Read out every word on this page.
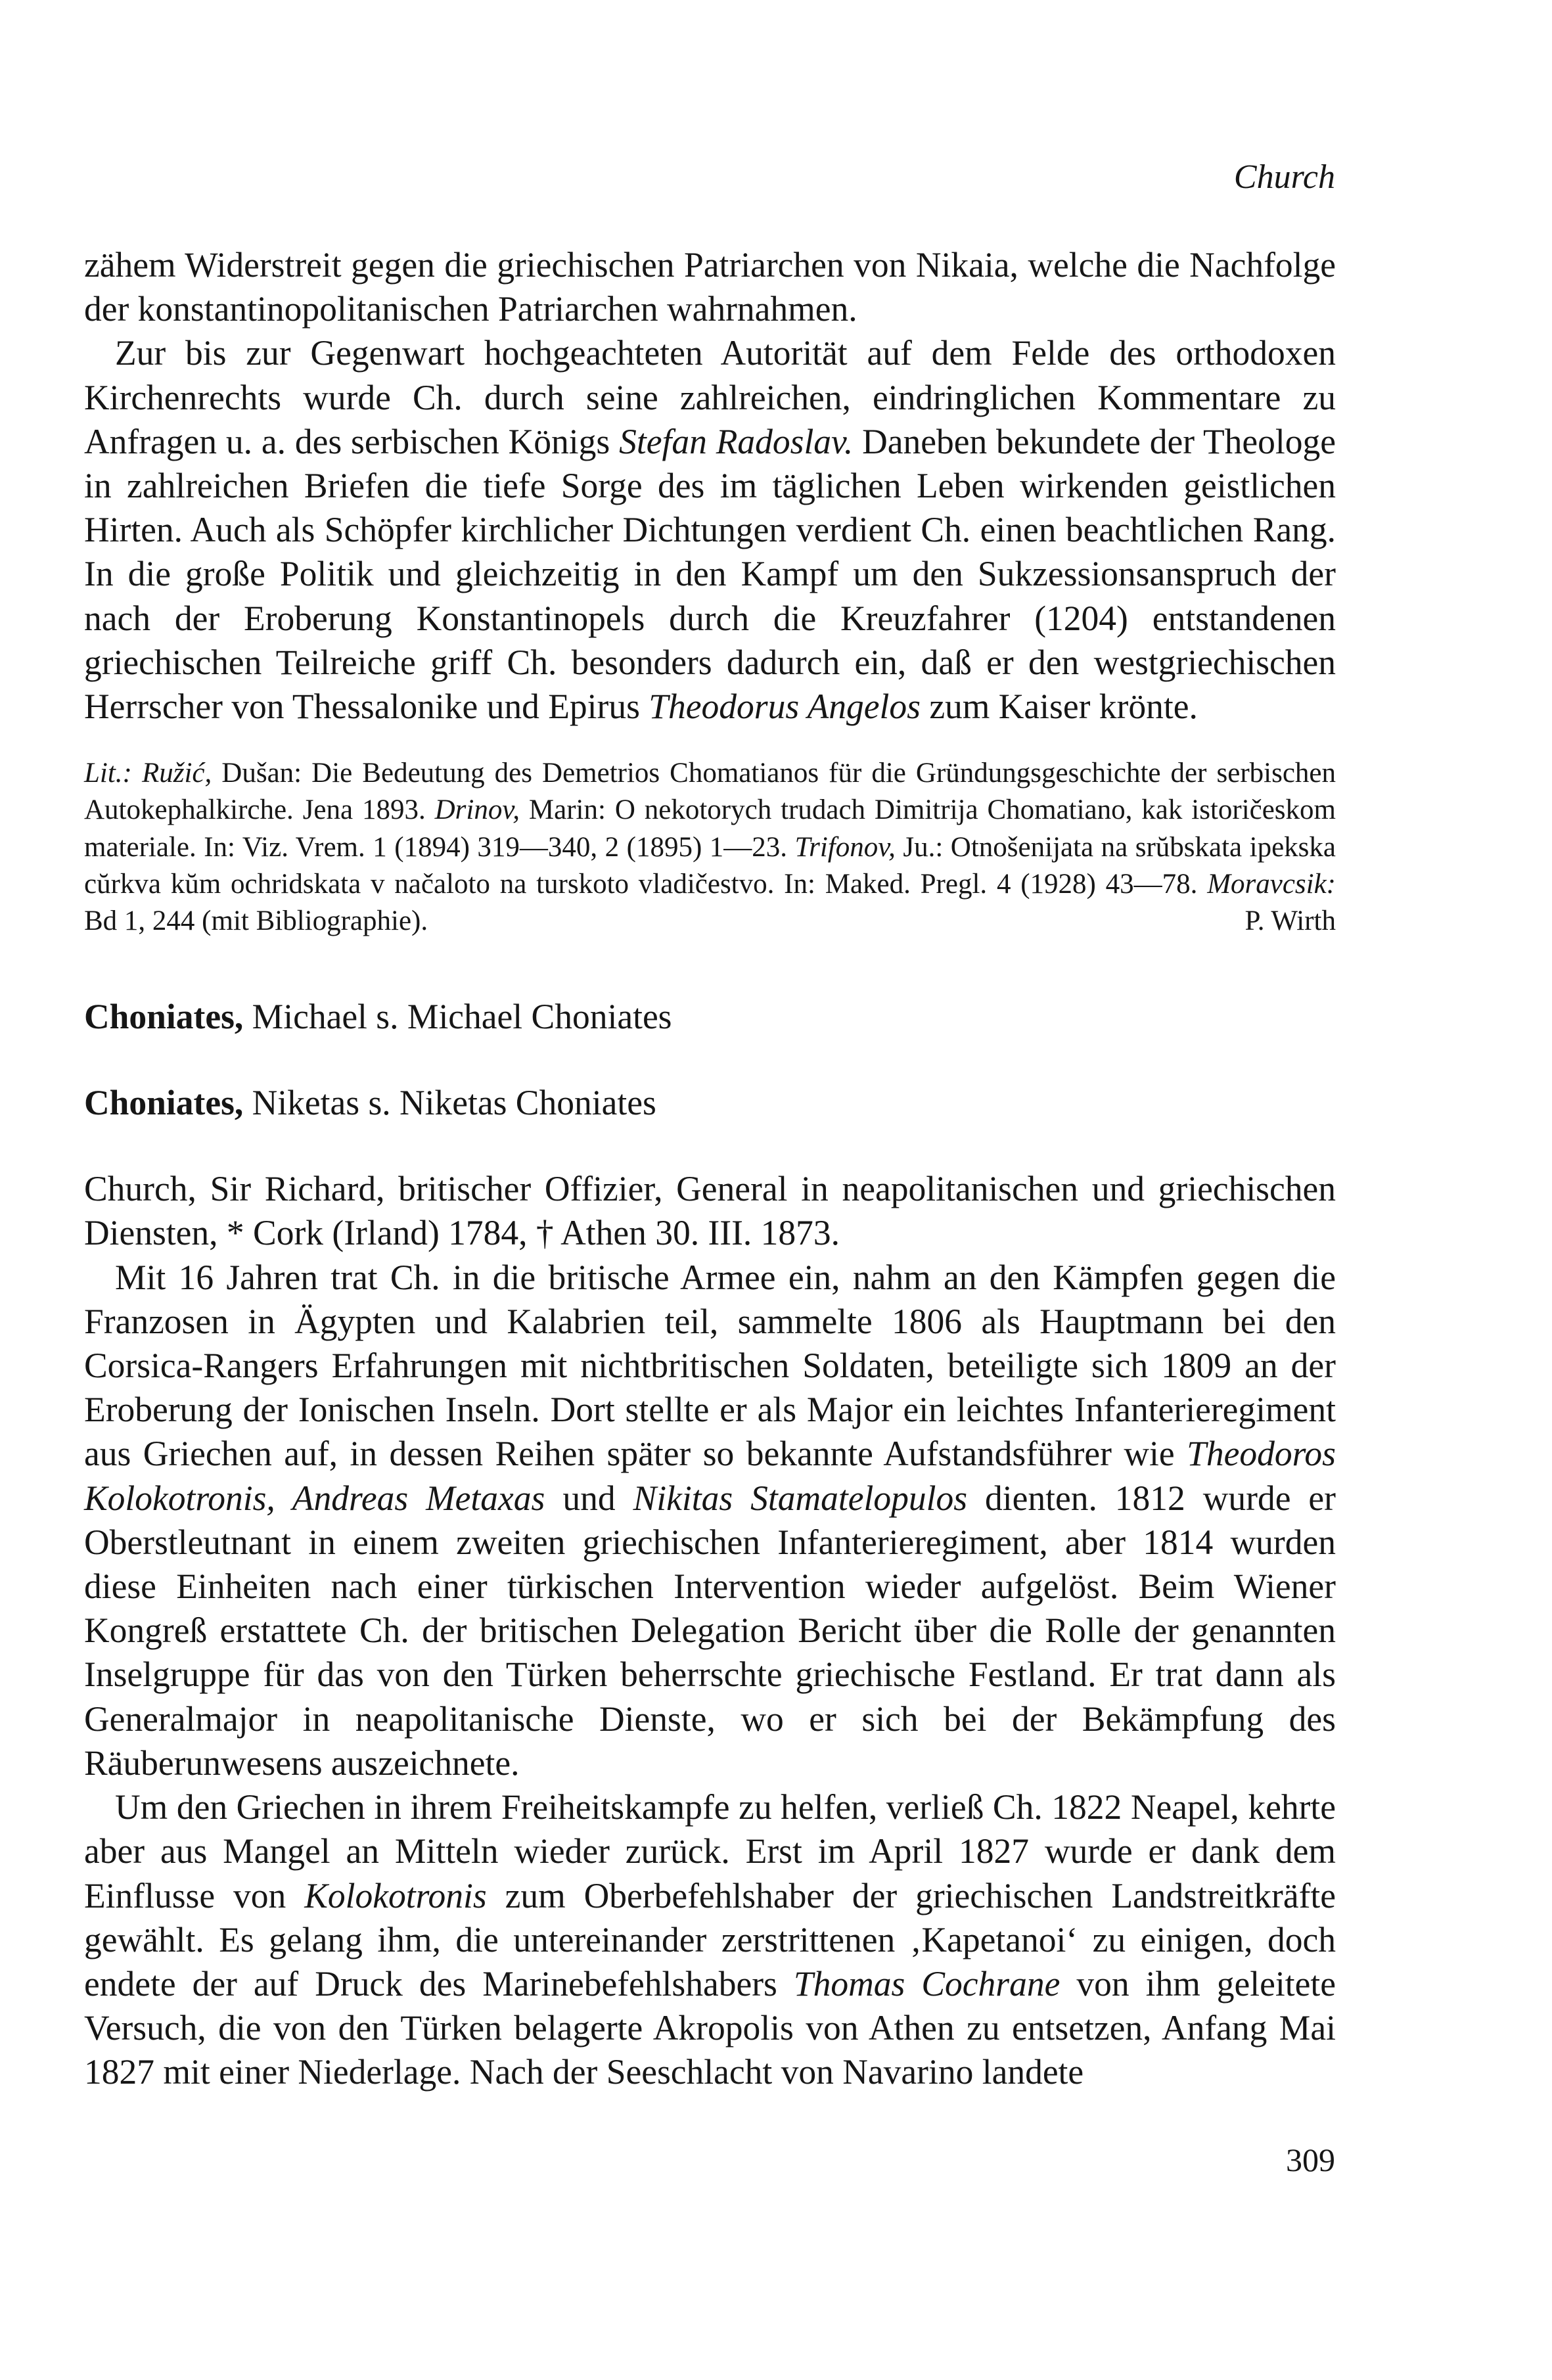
Church

zähem Widerstreit gegen die griechischen Patriarchen von Nikaia, welche die Nachfolge der konstantinopolitanischen Patriarchen wahrnahmen.

Zur bis zur Gegenwart hochgeachteten Autorität auf dem Felde des orthodoxen Kirchenrechts wurde Ch. durch seine zahlreichen, eindringlichen Kommentare zu Anfragen u. a. des serbischen Königs Stefan Radoslav. Daneben bekundete der Theologe in zahlreichen Briefen die tiefe Sorge des im täglichen Leben wirkenden geistlichen Hirten. Auch als Schöpfer kirchlicher Dichtungen verdient Ch. einen beachtlichen Rang. In die große Politik und gleichzeitig in den Kampf um den Sukzessionsanspruch der nach der Eroberung Konstantinopels durch die Kreuzfahrer (1204) entstandenen griechischen Teilreiche griff Ch. besonders dadurch ein, daß er den westgriechischen Herrscher von Thessalonike und Epirus Theodorus Angelos zum Kaiser krönte.

Lit.: Ružić, Dušan: Die Bedeutung des Demetrios Chomatianos für die Gründungsgeschichte der serbischen Autokephalkirche. Jena 1893. Drinov, Marin: O nekotorych trudach Dimitrija Chomatiano, kak istoričeskom materiale. In: Viz. Vrem. 1 (1894) 319—340, 2 (1895) 1—23. Trifonov, Ju.: Otnošenijata na srŭbskata ipekska cŭrkva kŭm ochridskata v načaloto na turskoto vladičestvo. In: Maked. Pregl. 4 (1928) 43—78. Moravcsik: Bd 1, 244 (mit Bibliographie).	P. Wirth

Choniates, Michael s. Michael Choniates

Choniates, Niketas s. Niketas Choniates

Church, Sir Richard, britischer Offizier, General in neapolitanischen und griechischen Diensten, * Cork (Irland) 1784, † Athen 30. III. 1873.

Mit 16 Jahren trat Ch. in die britische Armee ein, nahm an den Kämpfen gegen die Franzosen in Ägypten und Kalabrien teil, sammelte 1806 als Hauptmann bei den Corsica-Rangers Erfahrungen mit nichtbritischen Soldaten, beteiligte sich 1809 an der Eroberung der Ionischen Inseln. Dort stellte er als Major ein leichtes Infanterieregiment aus Griechen auf, in dessen Reihen später so bekannte Aufstandsführer wie Theodoros Kolokotronis, Andreas Metaxas und Nikitas Stamatelopulos dienten. 1812 wurde er Oberstleutnant in einem zweiten griechischen Infanterieregiment, aber 1814 wurden diese Einheiten nach einer türkischen Intervention wieder aufgelöst. Beim Wiener Kongreß erstattete Ch. der britischen Delegation Bericht über die Rolle der genannten Inselgruppe für das von den Türken beherrschte griechische Festland. Er trat dann als Generalmajor in neapolitanische Dienste, wo er sich bei der Bekämpfung des Räuberunwesens auszeichnete.

Um den Griechen in ihrem Freiheitskampfe zu helfen, verließ Ch. 1822 Neapel, kehrte aber aus Mangel an Mitteln wieder zurück. Erst im April 1827 wurde er dank dem Einflusse von Kolokotronis zum Oberbefehlshaber der griechischen Landstreitkräfte gewählt. Es gelang ihm, die untereinander zerstrittenen ‚Kapetanoi‘ zu einigen, doch endete der auf Druck des Marinebefehlshabers Thomas Cochrane von ihm geleitete Versuch, die von den Türken belagerte Akropolis von Athen zu entsetzen, Anfang Mai 1827 mit einer Niederlage. Nach der Seeschlacht von Navarino landete

309
